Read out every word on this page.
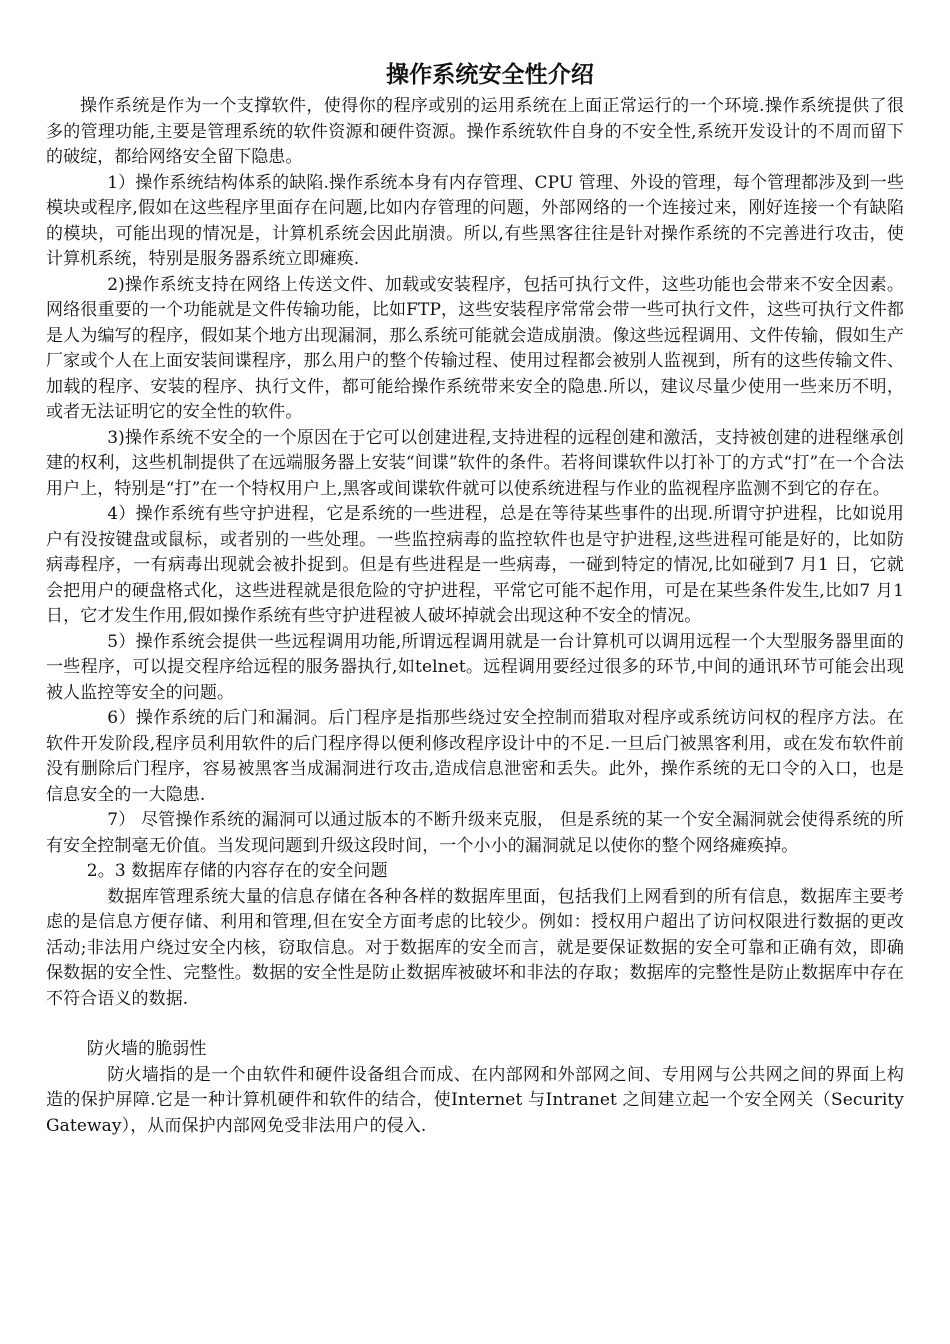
操作系统安全性介绍

操作系统是作为一个支撑软件，使得你的程序或别的运用系统在上面正常运行的一个环境.操作系统提供了很多的管理功能,主要是管理系统的软件资源和硬件资源。操作系统软件自身的不安全性,系统开发设计的不周而留下的破绽，都给网络安全留下隐患。

1）操作系统结构体系的缺陷.操作系统本身有内存管理、CPU 管理、外设的管理，每个管理都涉及到一些模块或程序,假如在这些程序里面存在问题,比如内存管理的问题，外部网络的一个连接过来，刚好连接一个有缺陷的模块，可能出现的情况是，计算机系统会因此崩溃。所以,有些黑客往往是针对操作系统的不完善进行攻击，使计算机系统，特别是服务器系统立即瘫痪.

2)操作系统支持在网络上传送文件、加载或安装程序，包括可执行文件，这些功能也会带来不安全因素。网络很重要的一个功能就是文件传输功能，比如FTP，这些安装程序常常会带一些可执行文件，这些可执行文件都是人为编写的程序，假如某个地方出现漏洞，那么系统可能就会造成崩溃。像这些远程调用、文件传输，假如生产厂家或个人在上面安装间谍程序，那么用户的整个传输过程、使用过程都会被别人监视到，所有的这些传输文件、加载的程序、安装的程序、执行文件，都可能给操作系统带来安全的隐患.所以，建议尽量少使用一些来历不明，或者无法证明它的安全性的软件。

3)操作系统不安全的一个原因在于它可以创建进程,支持进程的远程创建和激活，支持被创建的进程继承创建的权利，这些机制提供了在远端服务器上安装“间谍”软件的条件。若将间谍软件以打补丁的方式“打”在一个合法用户上，特别是“打”在一个特权用户上,黑客或间谍软件就可以使系统进程与作业的监视程序监测不到它的存在。

4）操作系统有些守护进程，它是系统的一些进程，总是在等待某些事件的出现.所谓守护进程，比如说用户有没按键盘或鼠标，或者别的一些处理。一些监控病毒的监控软件也是守护进程,这些进程可能是好的，比如防病毒程序，一有病毒出现就会被扑捉到。但是有些进程是一些病毒，一碰到特定的情况,比如碰到7 月1 日，它就会把用户的硬盘格式化，这些进程就是很危险的守护进程，平常它可能不起作用，可是在某些条件发生,比如7 月1 日，它才发生作用,假如操作系统有些守护进程被人破坏掉就会出现这种不安全的情况。

5）操作系统会提供一些远程调用功能,所谓远程调用就是一台计算机可以调用远程一个大型服务器里面的一些程序，可以提交程序给远程的服务器执行,如telnet。远程调用要经过很多的环节,中间的通讯环节可能会出现被人监控等安全的问题。

6）操作系统的后门和漏洞。后门程序是指那些绕过安全控制而猎取对程序或系统访问权的程序方法。在软件开发阶段,程序员利用软件的后门程序得以便利修改程序设计中的不足.一旦后门被黑客利用，或在发布软件前没有删除后门程序，容易被黑客当成漏洞进行攻击,造成信息泄密和丢失。此外，操作系统的无口令的入口，也是信息安全的一大隐患.

7） 尽管操作系统的漏洞可以通过版本的不断升级来克服， 但是系统的某一个安全漏洞就会使得系统的所有安全控制毫无价值。当发现问题到升级这段时间，一个小小的漏洞就足以使你的整个网络瘫痪掉。

2。3 数据库存储的内容存在的安全问题

数据库管理系统大量的信息存储在各种各样的数据库里面，包括我们上网看到的所有信息，数据库主要考虑的是信息方便存储、利用和管理,但在安全方面考虑的比较少。例如：授权用户超出了访问权限进行数据的更改活动;非法用户绕过安全内核，窃取信息。对于数据库的安全而言，就是要保证数据的安全可靠和正确有效，即确保数据的安全性、完整性。数据的安全性是防止数据库被破坏和非法的存取；数据库的完整性是防止数据库中存在不符合语义的数据.

防火墙的脆弱性

防火墙指的是一个由软件和硬件设备组合而成、在内部网和外部网之间、专用网与公共网之间的界面上构造的保护屏障.它是一种计算机硬件和软件的结合，使Internet 与Intranet 之间建立起一个安全网关（Security Gateway），从而保护内部网免受非法用户的侵入.
